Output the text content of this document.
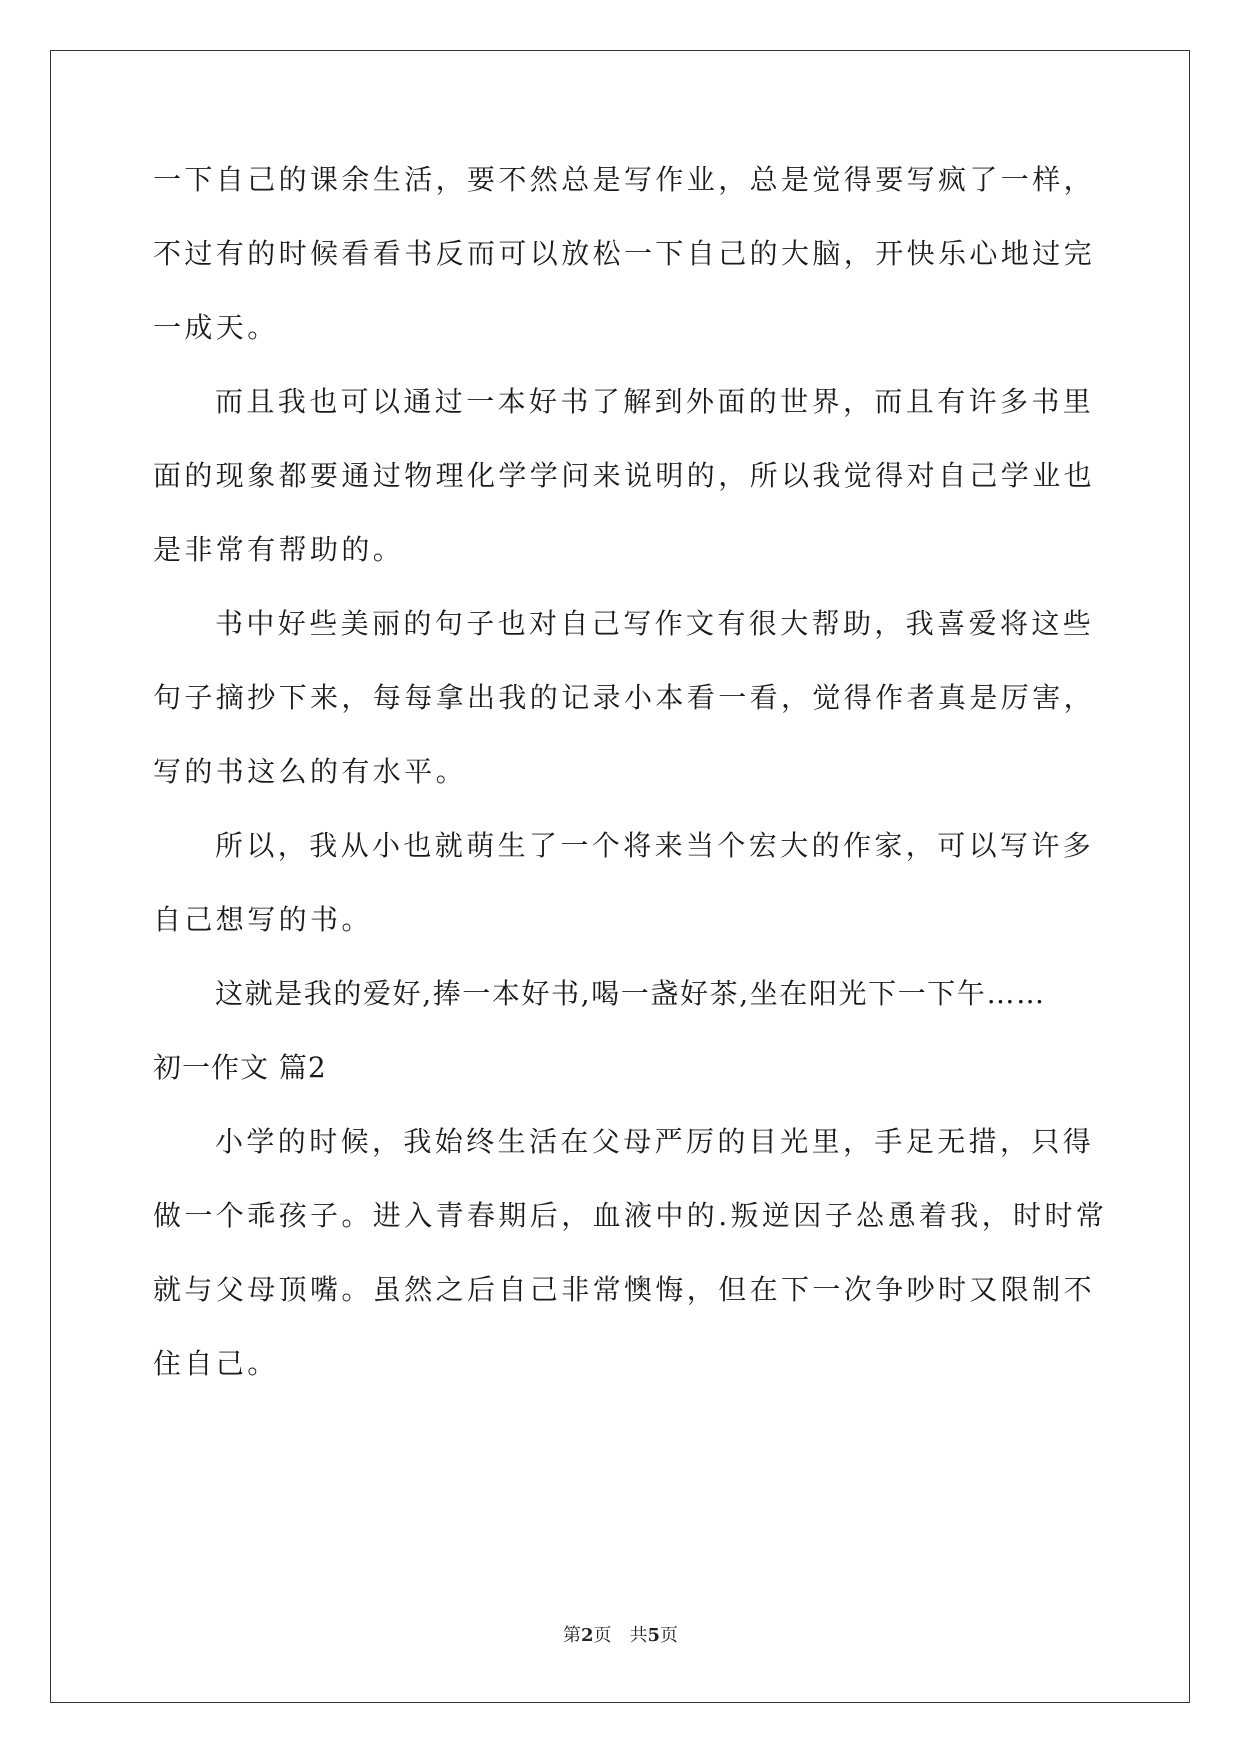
一下自己的课余生活，要不然总是写作业，总是觉得要写疯了一样，
不过有的时候看看书反而可以放松一下自己的大脑，开快乐心地过完
一成天。
而且我也可以通过一本好书了解到外面的世界，而且有许多书里
面的现象都要通过物理化学学问来说明的，所以我觉得对自己学业也
是非常有帮助的。
书中好些美丽的句子也对自己写作文有很大帮助，我喜爱将这些
句子摘抄下来，每每拿出我的记录小本看一看，觉得作者真是厉害，
写的书这么的有水平。
所以，我从小也就萌生了一个将来当个宏大的作家，可以写许多
自己想写的书。
这就是我的爱好,捧一本好书,喝一盏好茶,坐在阳光下一下午……
初一作文 篇2
小学的时候，我始终生活在父母严厉的目光里，手足无措，只得
做一个乖孩子。进入青春期后，血液中的.叛逆因子怂恿着我，时时常
就与父母顶嘴。虽然之后自己非常懊悔，但在下一次争吵时又限制不
住自己。
第2页　共5页
